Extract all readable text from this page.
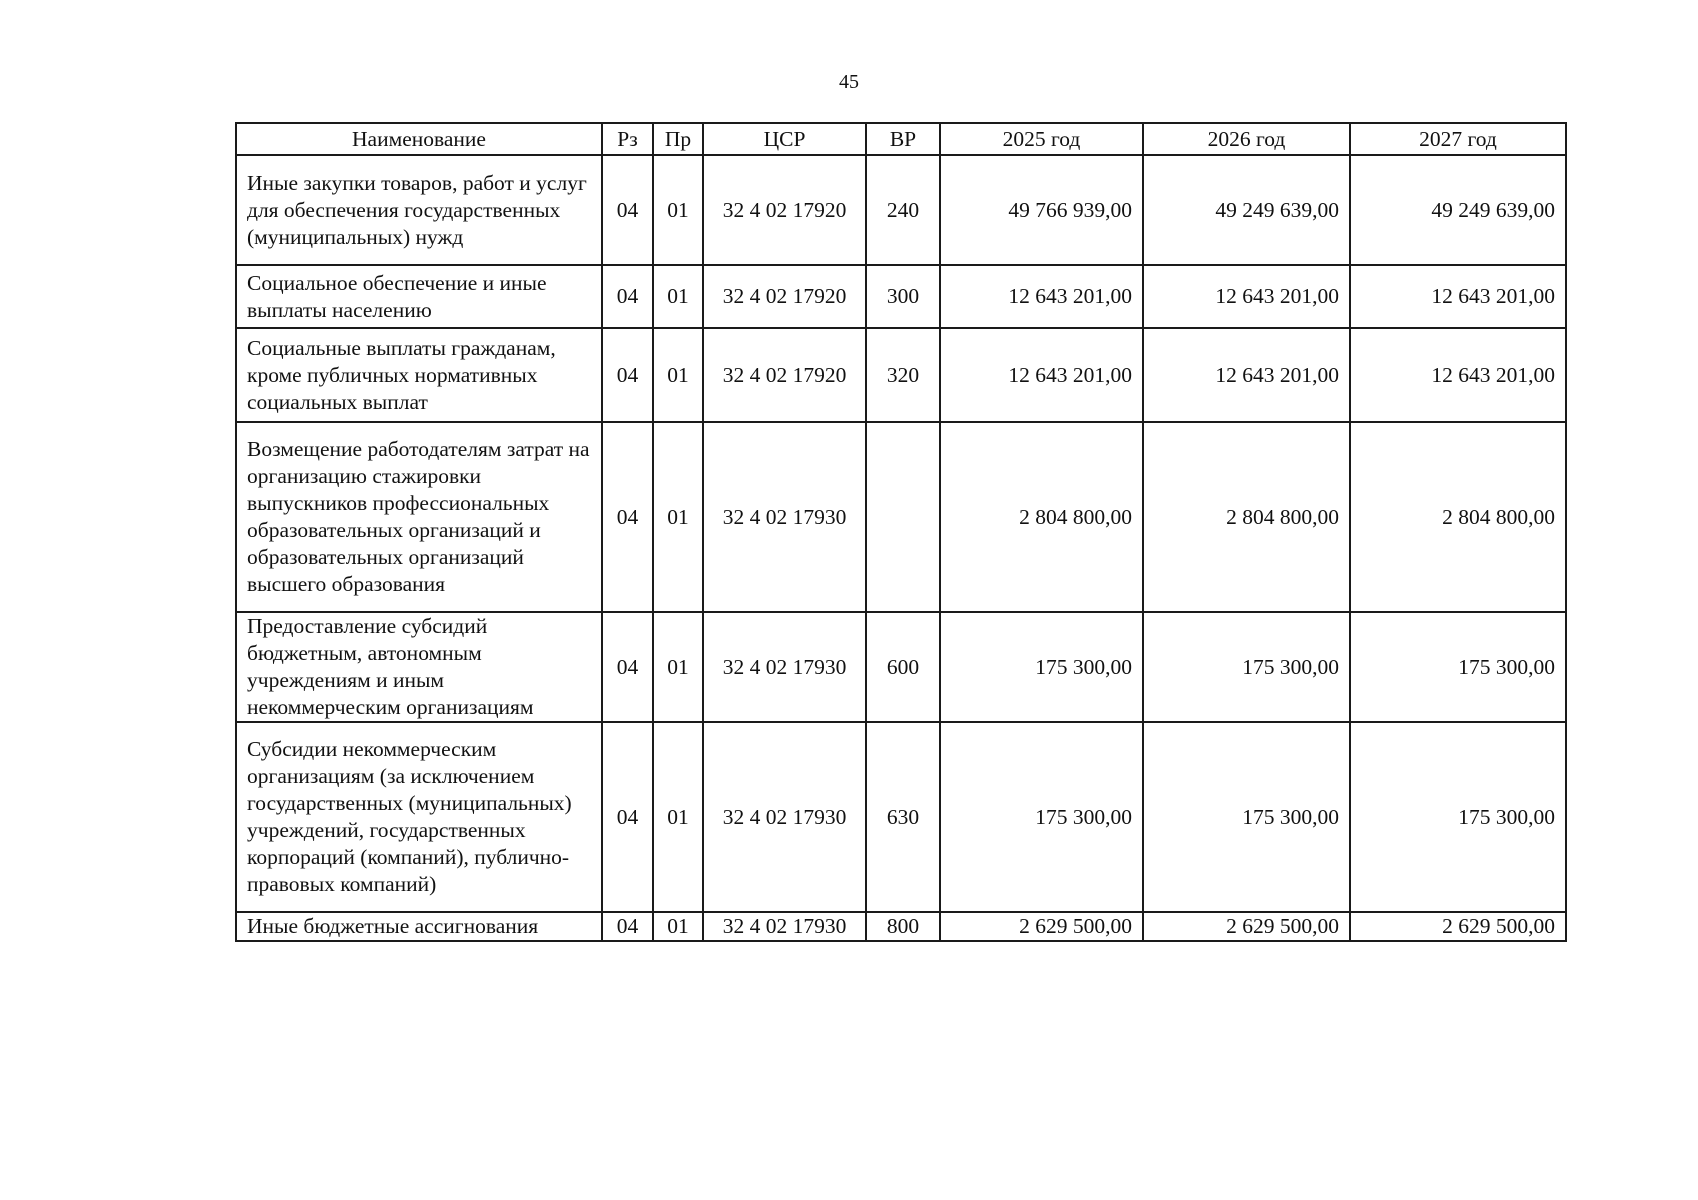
45
Наименование	Рз	Пр	ЦСР	ВР	2025 год	2026 год	2027 год
Иные закупки товаров, работ и услуг для обеспечения государственных (муниципальных) нужд	04	01	32 4 02 17920	240	49 766 939,00	49 249 639,00	49 249 639,00
Социальное обеспечение и иные выплаты населению	04	01	32 4 02 17920	300	12 643 201,00	12 643 201,00	12 643 201,00
Социальные выплаты гражданам, кроме публичных нормативных социальных выплат	04	01	32 4 02 17920	320	12 643 201,00	12 643 201,00	12 643 201,00
Возмещение работодателям затрат на организацию стажировки выпускников профессиональных образовательных организаций и образовательных организаций высшего образования	04	01	32 4 02 17930		2 804 800,00	2 804 800,00	2 804 800,00
Предоставление субсидий бюджетным, автономным учреждениям и иным некоммерческим организациям	04	01	32 4 02 17930	600	175 300,00	175 300,00	175 300,00
Субсидии некоммерческим организациям (за исключением государственных (муниципальных) учреждений, государственных корпораций (компаний), публично-правовых компаний)	04	01	32 4 02 17930	630	175 300,00	175 300,00	175 300,00
Иные бюджетные ассигнования	04	01	32 4 02 17930	800	2 629 500,00	2 629 500,00	2 629 500,00
